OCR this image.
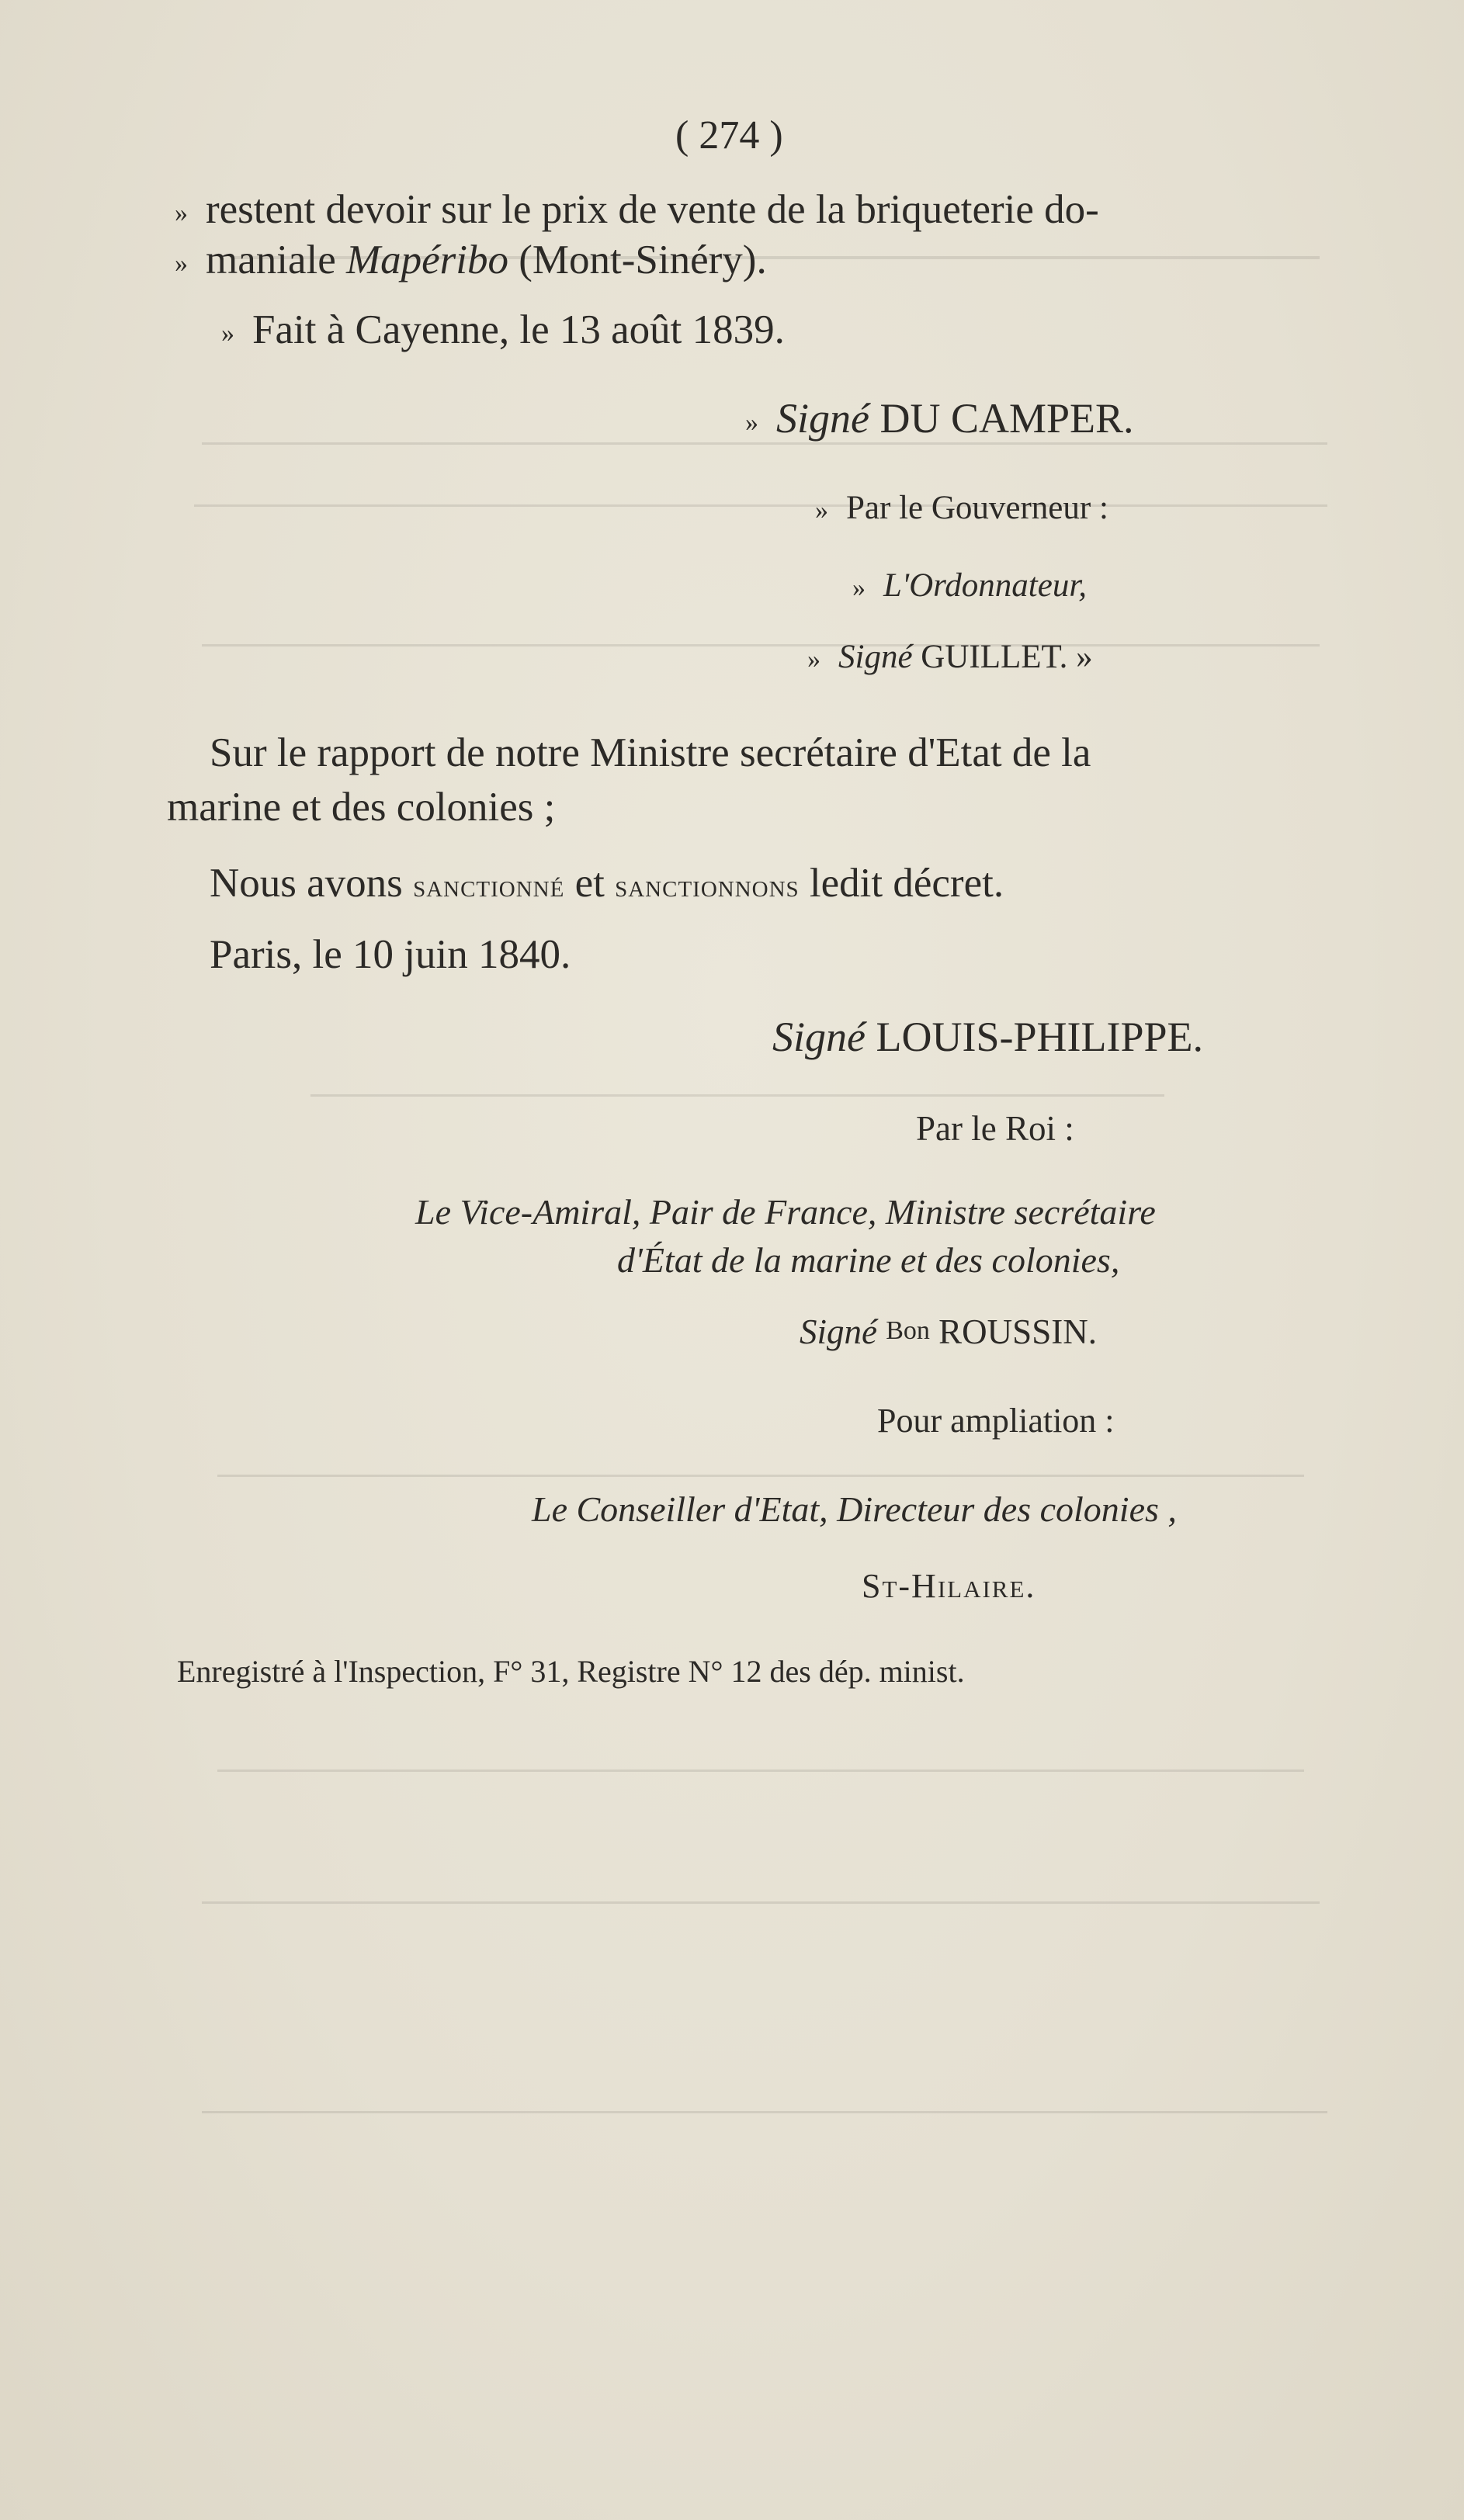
( 274 )
» restent devoir sur le prix de vente de la briqueterie do-
» maniale Mapéribo (Mont-Sinéry).
» Fait à Cayenne, le 13 août 1839.
» Signé DU CAMPER.
» Par le Gouverneur :
» L'Ordonnateur,
» Signé GUILLET. »
Sur le rapport de notre Ministre secrétaire d'Etat de la
marine et des colonies ;
Nous avons sanctionné et sanctionnons ledit décret.
Paris, le 10 juin 1840.
Signé LOUIS-PHILIPPE.
Par le Roi :
Le Vice-Amiral, Pair de France, Ministre secrétaire
d'État de la marine et des colonies,
Signé Bon ROUSSIN.
Pour ampliation :
Le Conseiller d'Etat, Directeur des colonies ,
St-Hilaire.
Enregistré à l'Inspection, F° 31, Registre N° 12 des dép. minist.
